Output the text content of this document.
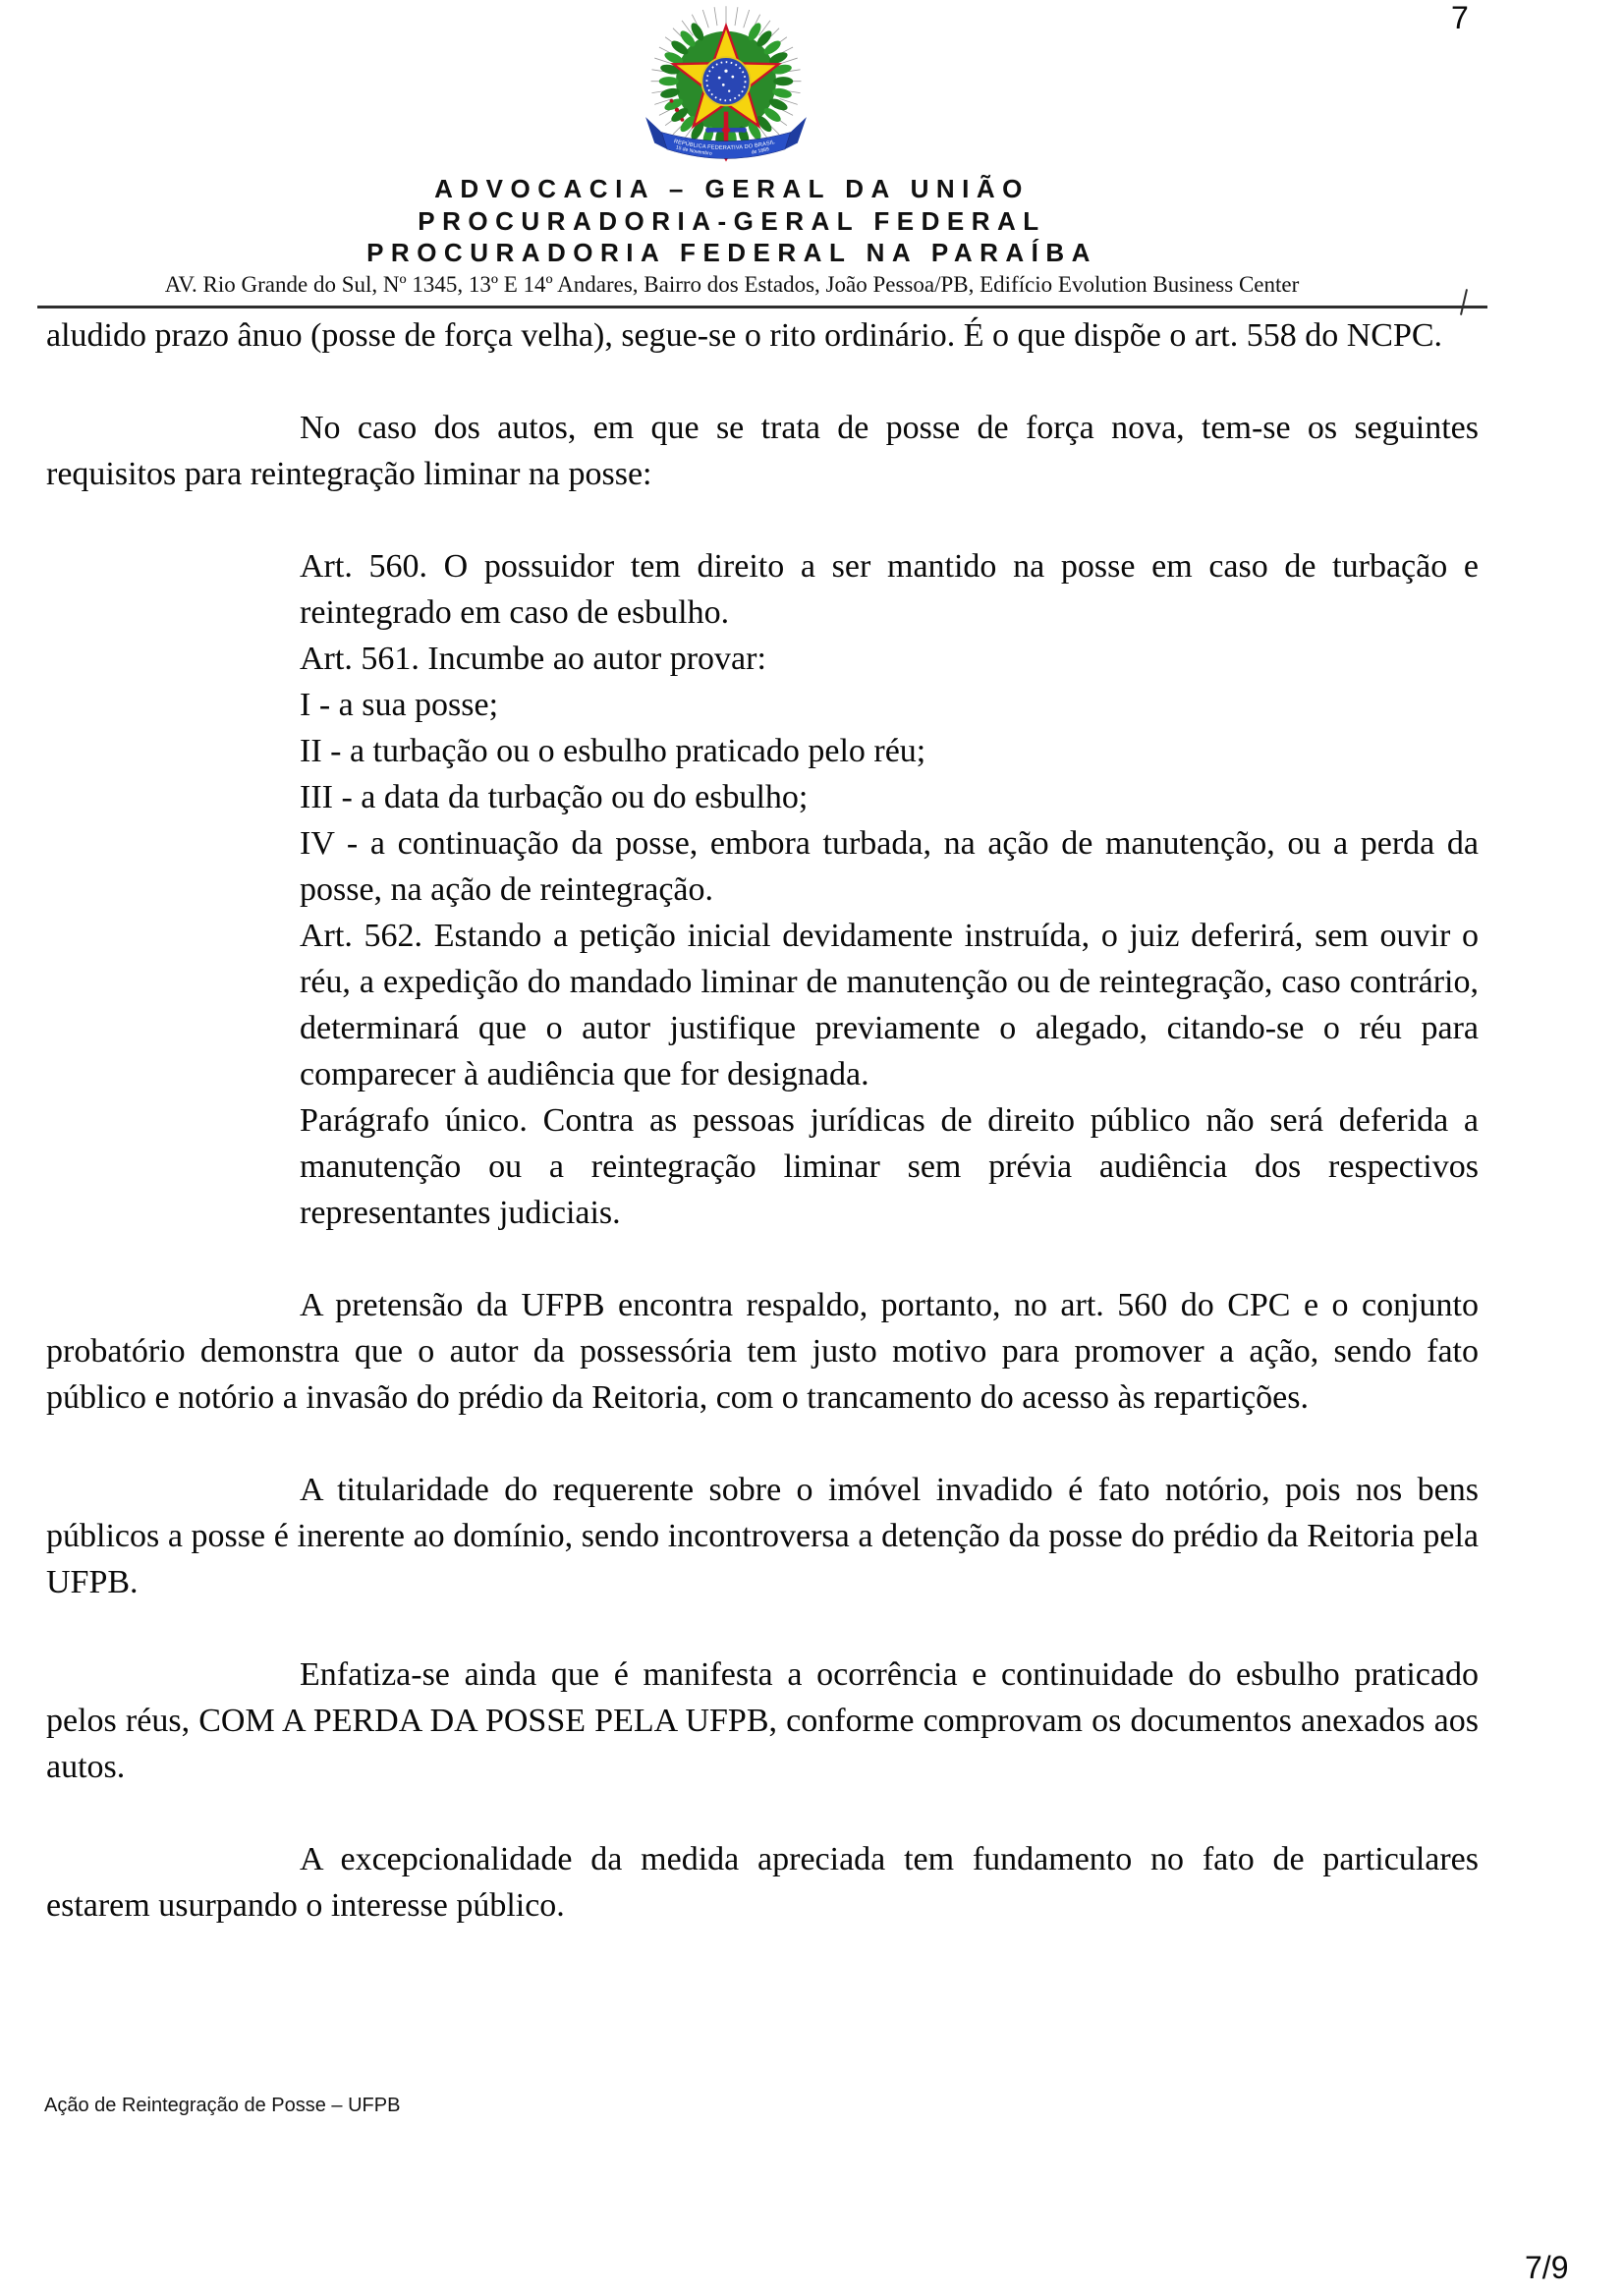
7
REPÚBLICA FEDERATIVA DO BRASIL
15 de Novembro	de 1889
ADVOCACIA – GERAL DA UNIÃO
PROCURADORIA-GERAL FEDERAL
PROCURADORIA FEDERAL NA PARAÍBA
AV. Rio Grande do Sul, Nº 1345, 13º E 14º Andares, Bairro dos Estados, João Pessoa/PB, Edifício Evolution Business Center

aludido prazo ânuo (posse de força velha), segue-se o rito ordinário. É o que dispõe o art. 558 do NCPC.

No caso dos autos, em que se trata de posse de força nova, tem-se os seguintes requisitos para reintegração liminar na posse:

Art. 560. O possuidor tem direito a ser mantido na posse em caso de turbação e reintegrado em caso de esbulho.
Art. 561. Incumbe ao autor provar:
I - a sua posse;
II - a turbação ou o esbulho praticado pelo réu;
III - a data da turbação ou do esbulho;
IV - a continuação da posse, embora turbada, na ação de manutenção, ou a perda da posse, na ação de reintegração.
Art. 562. Estando a petição inicial devidamente instruída, o juiz deferirá, sem ouvir o réu, a expedição do mandado liminar de manutenção ou de reintegração, caso contrário, determinará que o autor justifique previamente o alegado, citando-se o réu para comparecer à audiência que for designada.
Parágrafo único. Contra as pessoas jurídicas de direito público não será deferida a manutenção ou a reintegração liminar sem prévia audiência dos respectivos representantes judiciais.

A pretensão da UFPB encontra respaldo, portanto, no art. 560 do CPC e o conjunto probatório demonstra que o autor da possessória tem justo motivo para promover a ação, sendo fato público e notório a invasão do prédio da Reitoria, com o trancamento do acesso às repartições.

A titularidade do requerente sobre o imóvel invadido é fato notório, pois nos bens públicos a posse é inerente ao domínio, sendo incontroversa a detenção da posse do prédio da Reitoria pela UFPB.

Enfatiza-se ainda que é manifesta a ocorrência e continuidade do esbulho praticado pelos réus, COM A PERDA DA POSSE PELA UFPB, conforme comprovam os documentos anexados aos autos.

A excepcionalidade da medida apreciada tem fundamento no fato de particulares estarem usurpando o interesse público.

Ação de Reintegração de Posse – UFPB
7/9
